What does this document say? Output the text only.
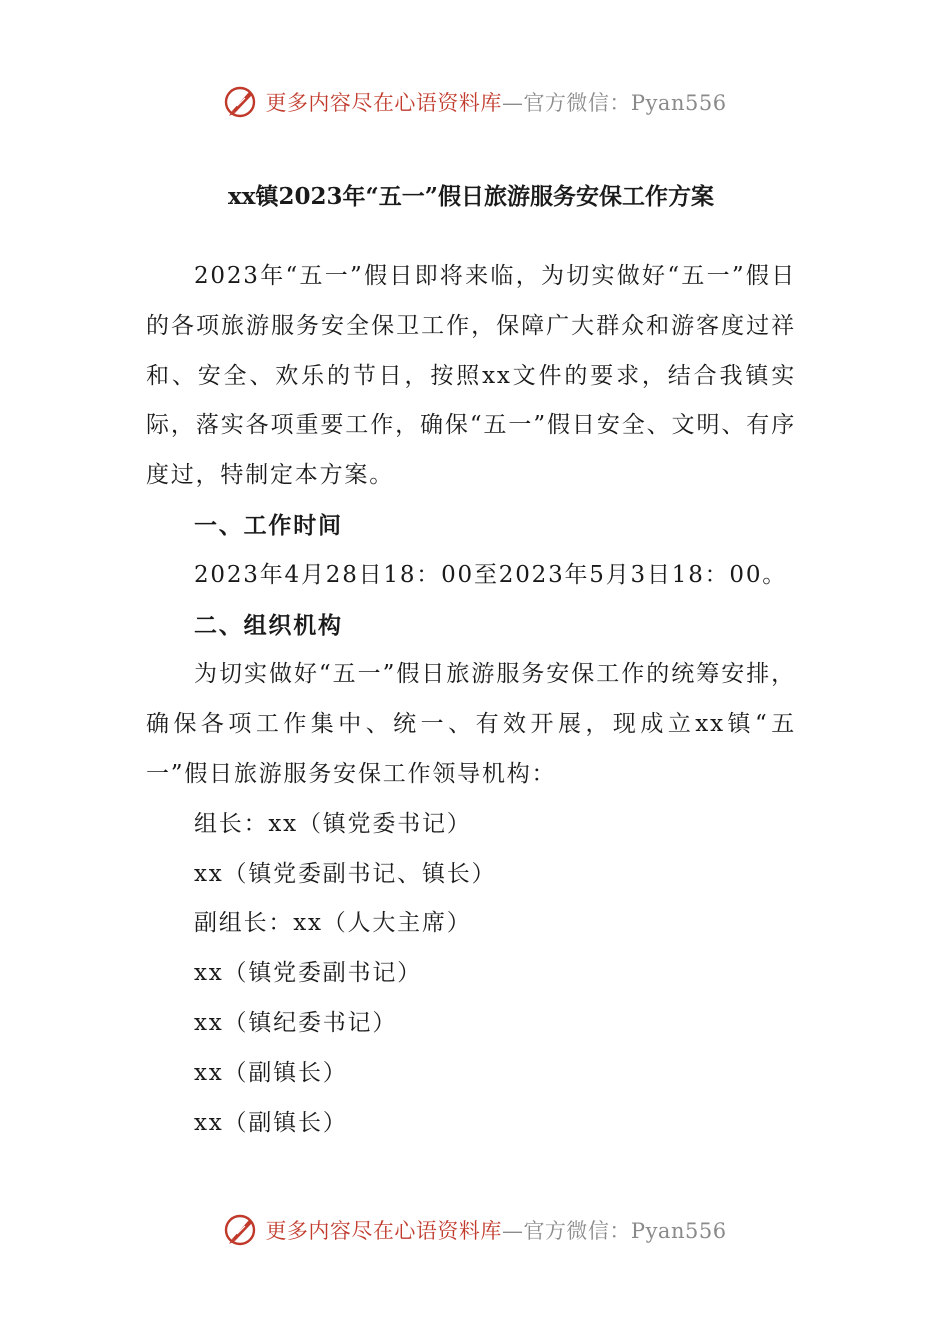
更多内容尽在心语资料库—官方微信：Pyan556
xx镇2023年“五一”假日旅游服务安保工作方案

2023年“五一”假日即将来临，为切实做好“五一”假日的各项旅游服务安全保卫工作，保障广大群众和游客度过祥和、安全、欢乐的节日，按照xx文件的要求，结合我镇实际，落实各项重要工作，确保“五一”假日安全、文明、有序度过，特制定本方案。

一、工作时间

2023年4月28日18：00至2023年5月3日18：00。

二、组织机构

为切实做好“五一”假日旅游服务安保工作的统筹安排，确保各项工作集中、统一、有效开展，现成立xx镇“五一”假日旅游服务安保工作领导机构：

组长：xx（镇党委书记）

xx（镇党委副书记、镇长）

副组长：xx（人大主席）

xx（镇党委副书记）

xx（镇纪委书记）

xx（副镇长）

xx（副镇长）

更多内容尽在心语资料库—官方微信：Pyan556
